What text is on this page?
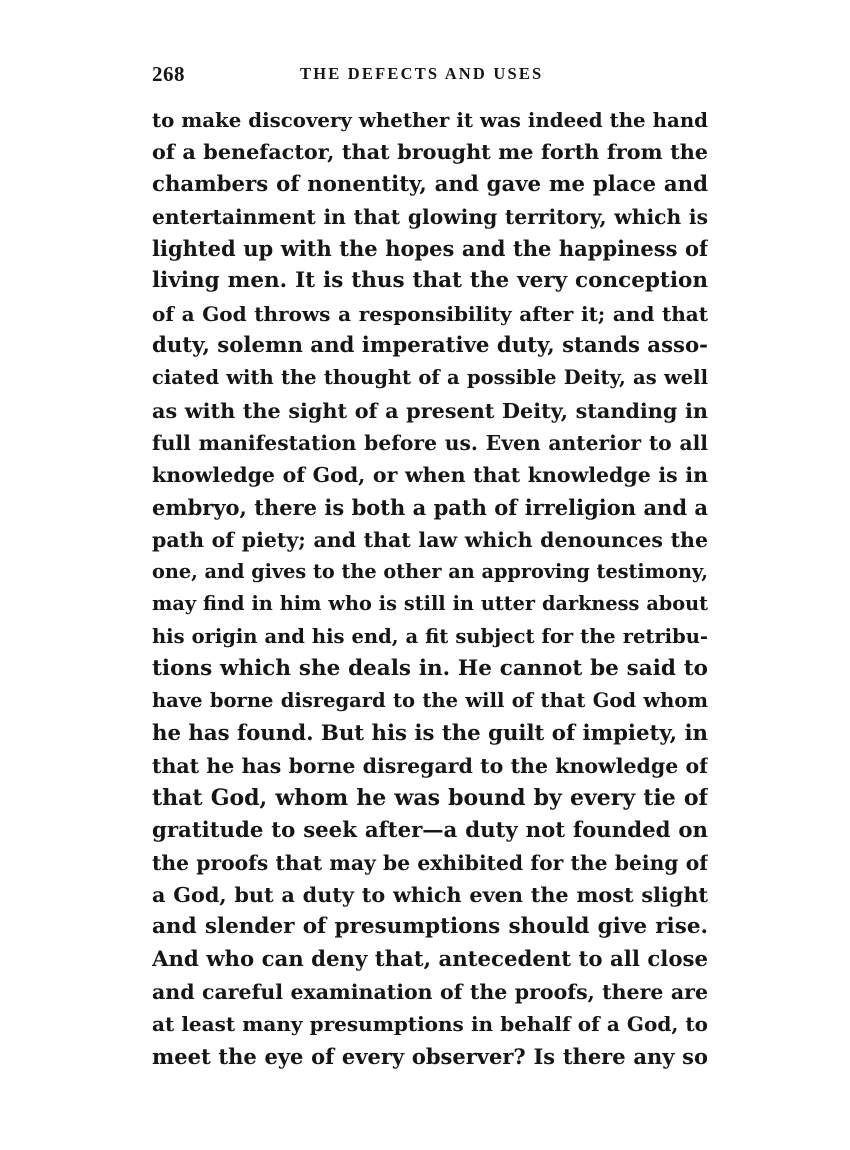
268	THE DEFECTS AND USES
to make discovery whether it was indeed the hand
of a benefactor, that brought me forth from the
chambers of nonentity, and gave me place and
entertainment in that glowing territory, which is
lighted up with the hopes and the happiness of
living men. It is thus that the very conception
of a God throws a responsibility after it; and that
duty, solemn and imperative duty, stands asso-
ciated with the thought of a possible Deity, as well
as with the sight of a present Deity, standing in
full manifestation before us. Even anterior to all
knowledge of God, or when that knowledge is in
embryo, there is both a path of irreligion and a
path of piety; and that law which denounces the
one, and gives to the other an approving testimony,
may find in him who is still in utter darkness about
his origin and his end, a fit subject for the retribu-
tions which she deals in. He cannot be said to
have borne disregard to the will of that God whom
he has found. But his is the guilt of impiety, in
that he has borne disregard to the knowledge of
that God, whom he was bound by every tie of
gratitude to seek after—a duty not founded on
the proofs that may be exhibited for the being of
a God, but a duty to which even the most slight
and slender of presumptions should give rise.
And who can deny that, antecedent to all close
and careful examination of the proofs, there are
at least many presumptions in behalf of a God, to
meet the eye of every observer? Is there any so
